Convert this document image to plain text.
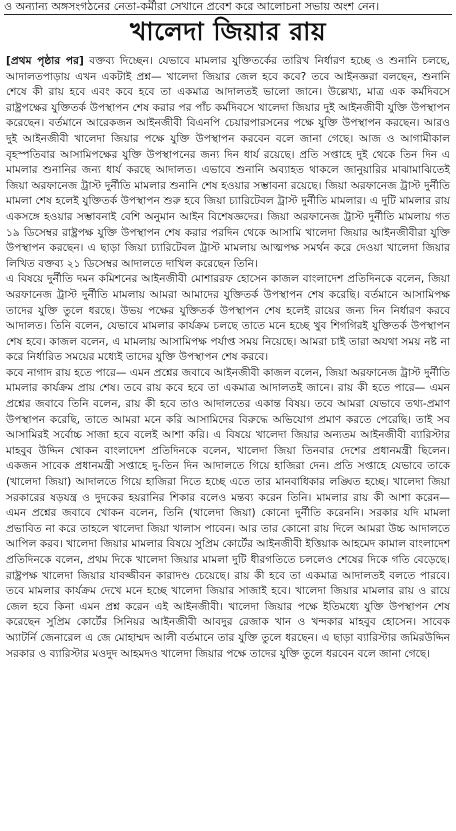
ও অন্যান্য অঙ্গসংগঠনের নেতা-কর্মীরা সেখানে প্রবেশ করে আলোচনা সভায় অংশ নেন।
খালেদা জিয়ার রায়

[প্রথম পৃষ্ঠার পর] বক্তব্য দিচ্ছেন। যেভাবে মামলার যুক্তিতর্কের তারিখ নির্ধারণ হচ্ছে ও শুনানি চলছে, আদালতপাড়ায় এখন একটাই প্রশ্ন— খালেদা জিয়ার জেল হবে কবে? তবে আইনজ্ঞরা বলছেন, শুনানি শেষে কী রায় হবে এবং কবে হবে তা একমাত্র আদালতই ভালো জানে। উল্লেখ্য, মাত্র এক কর্মদিবসে রাষ্ট্রপক্ষের যুক্তিতর্ক উপস্থাপন শেষ করার পর পাঁচ কর্মদিবসে খালেদা জিয়ার দুই আইনজীবী যুক্তি উপস্থাপন করেছেন। বর্তমানে আরেকজন আইনজীবী বিএনপি চেয়ারপারসনের পক্ষে যুক্তি উপস্থাপন করছেন। আরও দুই আইনজীবী খালেদা জিয়ার পক্ষে যুক্তি উপস্থাপন করবেন বলে জানা গেছে। আজ ও আগামীকাল বৃহস্পতিবার আসামিপক্ষের যুক্তি উপস্থাপনের জন্য দিন ধার্য রয়েছে। প্রতি সপ্তাহে দুই থেকে তিন দিন এ মামলার শুনানির জন্য ধার্য করছে আদালত। এভাবে শুনানি অব্যাহত থাকলে জানুয়ারির মাঝামাঝিতেই জিয়া অরফানেজ ট্রাস্ট দুর্নীতি মামলার শুনানি শেষ হওয়ার সম্ভাবনা রয়েছে। জিয়া অরফানেজ ট্রাস্ট দুর্নীতি মামলা শেষ হলেই যুক্তিতর্ক উপস্থাপন শুরু হবে জিয়া চ্যারিটেবল ট্রাস্ট দুর্নীতি মামলার। এ দুটি মামলার রায় একসঙ্গে হওয়ার সম্ভাবনাই বেশি অনুমান আইন বিশেষজ্ঞদের। জিয়া অরফানেজ ট্রাস্ট দুর্নীতি মামলায় গত ১৯ ডিসেম্বর রাষ্ট্রপক্ষ যুক্তি উপস্থাপন শেষ করার পরদিন থেকে আসামি খালেদা জিয়ার আইনজীবীরা যুক্তি উপস্থাপন করছেন। এ ছাড়া জিয়া চ্যারিটেবল ট্রাস্ট মামলায় আত্মপক্ষ সমর্থন করে দেওয়া খালেদা জিয়ার লিখিত বক্তব্য ২১ ডিসেম্বর আদালতে দাখিল করেছেন তিনি।

এ বিষয়ে দুর্নীতি দমন কমিশনের আইনজীবী মোশাররফ হোসেন কাজল বাংলাদেশ প্রতিদিনকে বলেন, জিয়া অরফানেজ ট্রাস্ট দুর্নীতি মামলায় আমরা আমাদের যুক্তিতর্ক উপস্থাপন শেষ করেছি। বর্তমানে আসামিপক্ষ তাদের যুক্তি তুলে ধরছে। উভয় পক্ষের যুক্তিতর্ক উপস্থাপন শেষ হলেই রায়ের জন্য দিন নির্ধারণ করবে আদালত। তিনি বলেন, যেভাবে মামলার কার্যক্রম চলছে তাতে মনে হচ্ছে খুব শিগগিরই যুক্তিতর্ক উপস্থাপন শেষ হবে। কাজল বলেন, এ মামলায় আসামিপক্ষ পর্যাপ্ত সময় নিয়েছে। আমরা চাই তারা অযথা সময় নষ্ট না করে নির্ধারিত সময়ের মধ্যেই তাদের যুক্তি উপস্থাপন শেষ করবে।

কবে নাগাদ রায় হতে পারে— এমন প্রশ্নের জবাবে আইনজীবী কাজল বলেন, জিয়া অরফানেজ ট্রাস্ট দুর্নীতি মামলার কার্যক্রম প্রায় শেষ। তবে রায় কবে হবে তা একমাত্র আদালতই জানে। রায় কী হতে পারে— এমন প্রশ্নের জবাবে তিনি বলেন, রায় কী হবে তাও আদালতের একান্ত বিষয়। তবে আমরা যেভাবে তথ্য-প্রমাণ উপস্থাপন করেছি, তাতে আমরা মনে করি আসামিদের বিরুদ্ধে অভিযোগ প্রমাণ করতে পেরেছি। তাই সব আসামিরই সর্বোচ্চ সাজা হবে বলেই আশা করি। এ বিষয়ে খালেদা জিয়ার অন্যতম আইনজীবী ব্যারিস্টার মাহবুব উদ্দিন খোকন বাংলাদেশ প্রতিদিনকে বলেন, খালেদা জিয়া তিনবার দেশের প্রধানমন্ত্রী ছিলেন। একজন সাবেক প্রধানমন্ত্রী সপ্তাহে দু-তিন দিন আদালতে গিয়ে হাজিরা দেন। প্রতি সপ্তাহে যেভাবে তাকে (খালেদা জিয়া) আদালতে গিয়ে হাজিরা দিতে হচ্ছে এতে তার মানবাধিকার লঙ্ঘিত হচ্ছে। খালেদা জিয়া সরকারের ষড়যন্ত্র ও দুদকের হয়রানির শিকার বলেও মন্তব্য করেন তিনি। মামলার রায় কী আশা করেন— এমন প্রশ্নের জবাবে খোকন বলেন, তিনি (খালেদা জিয়া) কোনো দুর্নীতি করেননি। সরকার যদি মামলা প্রভাবিত না করে তাহলে খালেদা জিয়া খালাস পাবেন। আর তার কোনো রায় দিলে আমরা উচ্চ আদালতে আপিল করব। খালেদা জিয়ার মামলার বিষয়ে সুপ্রিম কোর্টের আইনজীবী ইত্তিয়াক আহমেদ কামাল বাংলাদেশ প্রতিদিনকে বলেন, প্রথম দিকে খালেদা জিয়ার মামলা দুটি ধীরগতিতে চললেও শেষের দিকে গতি বেড়েছে। রাষ্ট্রপক্ষ খালেদা জিয়ার যাবজ্জীবন কারাদণ্ড চেয়েছে। রায় কী হবে তা একমাত্র আদালতই বলতে পারবে। তবে মামলার কার্যক্রম দেখে মনে হচ্ছে খালেদা জিয়ার সাজাই হবে। খালেদা জিয়ার মামলার রায় ও রায়ে জেল হবে কিনা এমন প্রশ্ন করেন এই আইনজীবী। খালেদা জিয়ার পক্ষে ইতিমধ্যে যুক্তি উপস্থাপন শেষ করেছেন সুপ্রিম কোর্টের সিনিয়র আইনজীবী আবদুর রেজাক খান ও খন্দকার মাহবুব হোসেন। সাবেক অ্যাটর্নি জেনারেল এ জে মোহাম্মদ আলী বর্তমানে তার যুক্তি তুলে ধরছেন। এ ছাড়া ব্যারিস্টার জমিরউদ্দিন সরকার ও ব্যারিস্টার মওদুদ আহমদও খালেদা জিয়ার পক্ষে তাদের যুক্তি তুলে ধরবেন বলে জানা গেছে।
